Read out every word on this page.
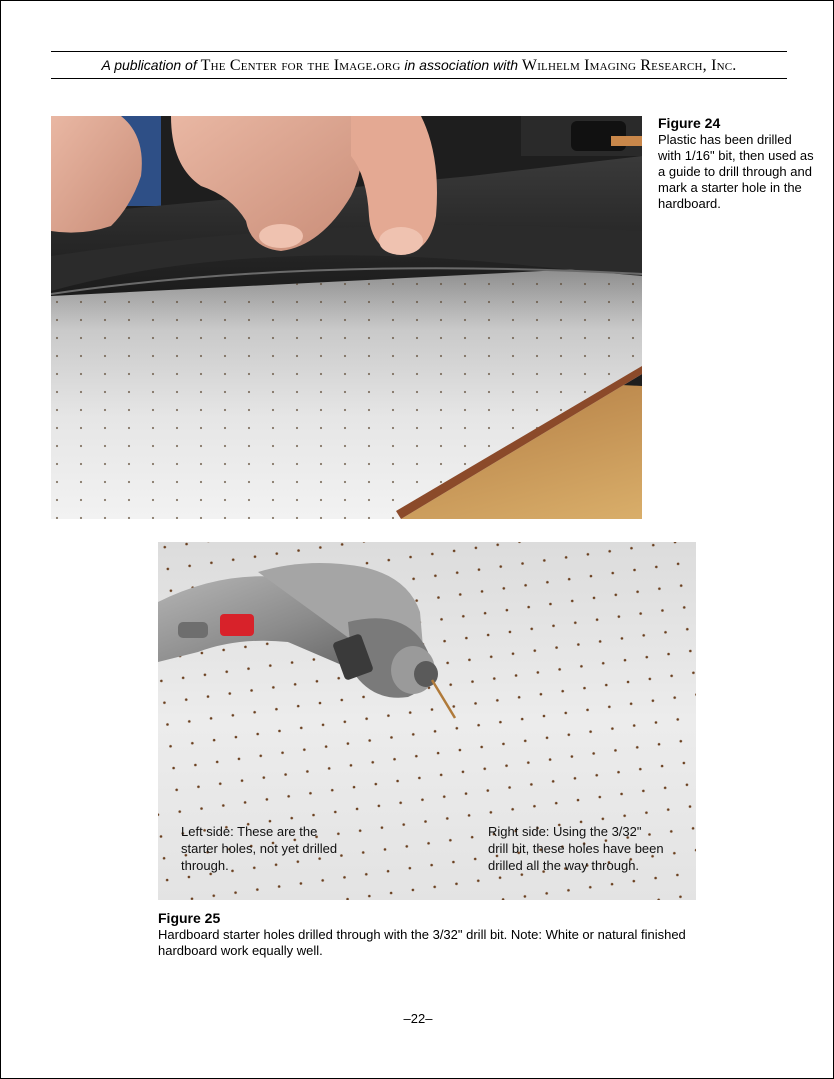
A publication of The Center for the Image.org in association with Wilhelm Imaging Research, Inc.
Figure 24
Plastic has been drilled with 1/16" bit, then used as a guide to drill through and mark a starter hole in the hardboard.
Left side: These are the
starter holes, not yet drilled
through.
Right side: Using the 3/32"
drill bit, these holes have been
drilled all the way through.
Figure 25
Hardboard starter holes drilled through with the 3/32" drill bit. Note: White or natural finished hardboard work equally well.
–22–
